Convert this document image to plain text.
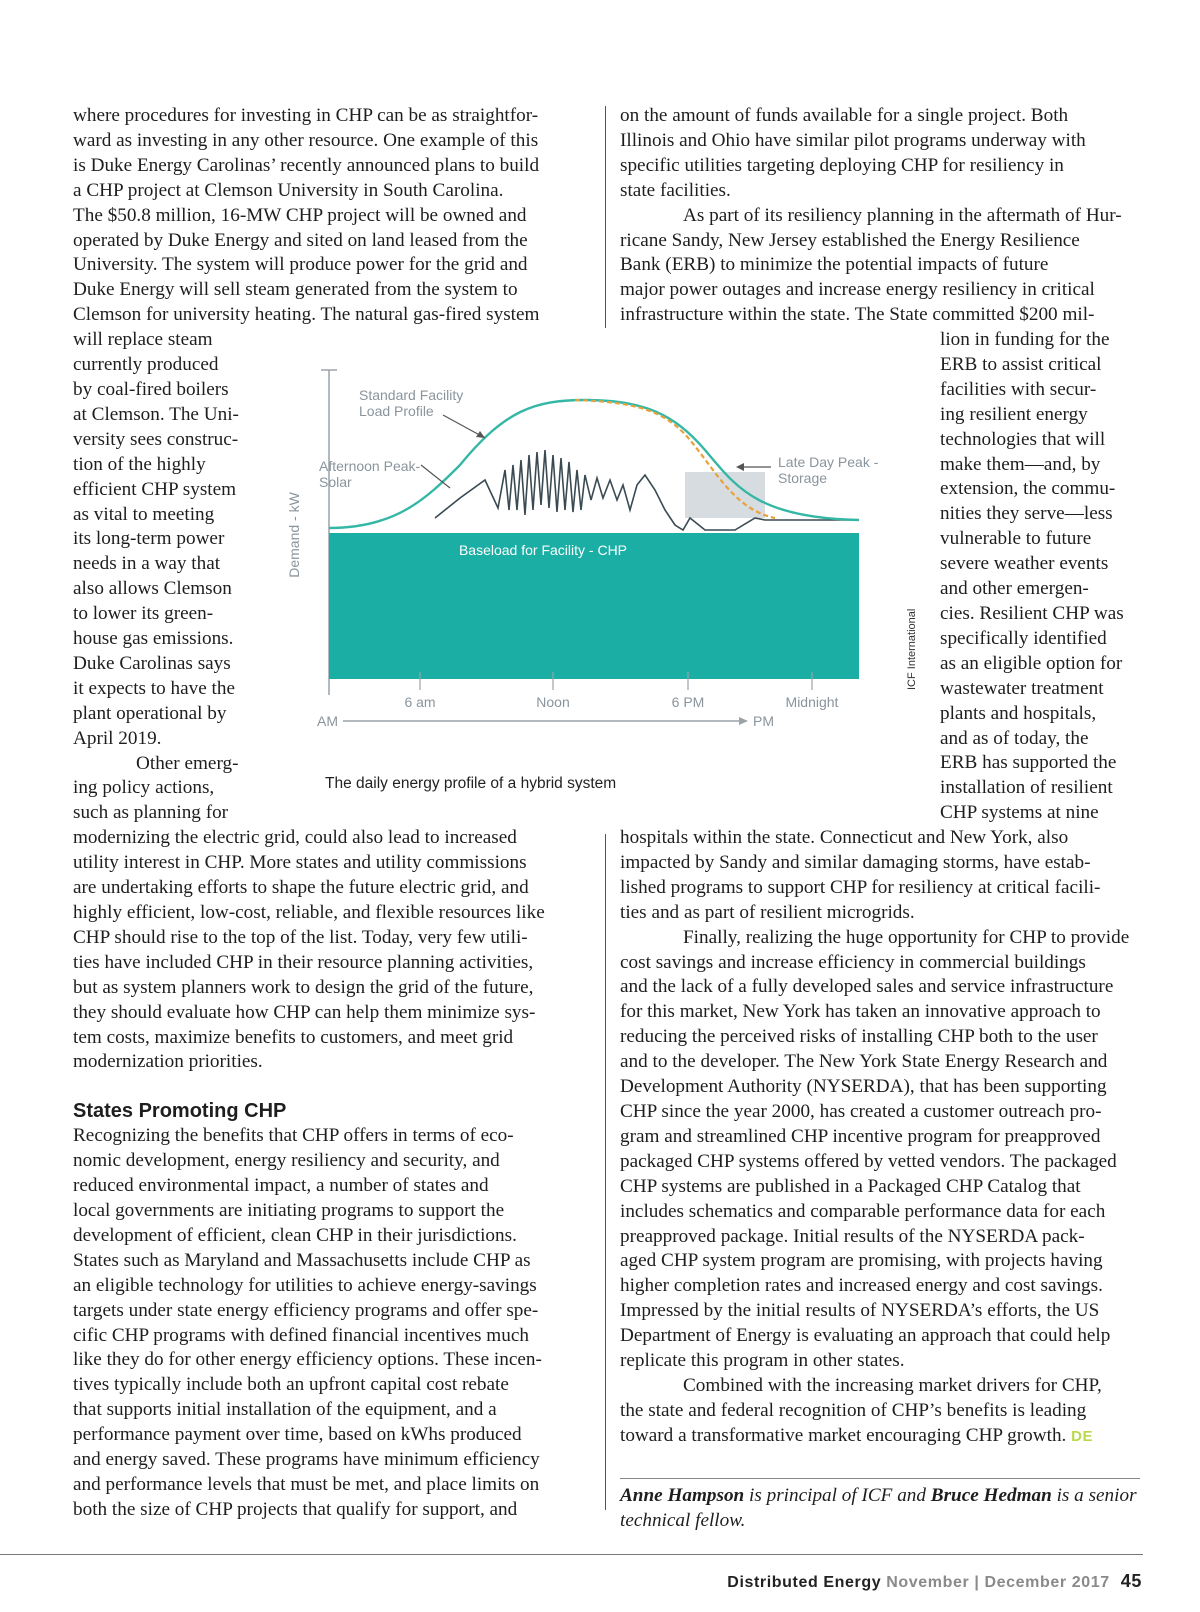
where procedures for investing in CHP can be as straightfor-
ward as investing in any other resource. One example of this
is Duke Energy Carolinas’ recently announced plans to build
a CHP project at Clemson University in South Carolina.
The $50.8 million, 16-MW CHP project will be owned and
operated by Duke Energy and sited on land leased from the
University. The system will produce power for the grid and
Duke Energy will sell steam generated from the system to
Clemson for university heating. The natural gas-fired system
will replace steam
currently produced
by coal-fired boilers
at Clemson. The Uni-
versity sees construc-
tion of the highly
efficient CHP system
as vital to meeting
its long-term power
needs in a way that
also allows Clemson
to lower its green-
house gas emissions.
Duke Carolinas says
it expects to have the
plant operational by
April 2019.
Other emerg-
ing policy actions,
such as planning for
modernizing the electric grid, could also lead to increased
utility interest in CHP. More states and utility commissions
are undertaking efforts to shape the future electric grid, and
highly efficient, low-cost, reliable, and flexible resources like
CHP should rise to the top of the list. Today, very few utili-
ties have included CHP in their resource planning activities,
but as system planners work to design the grid of the future,
they should evaluate how CHP can help them minimize sys-
tem costs, maximize benefits to customers, and meet grid
modernization priorities.
States Promoting CHP
Recognizing the benefits that CHP offers in terms of eco-
nomic development, energy resiliency and security, and
reduced environmental impact, a number of states and
local governments are initiating programs to support the
development of efficient, clean CHP in their jurisdictions.
States such as Maryland and Massachusetts include CHP as
an eligible technology for utilities to achieve energy-savings
targets under state energy efficiency programs and offer spe-
cific CHP programs with defined financial incentives much
like they do for other energy efficiency options. These incen-
tives typically include both an upfront capital cost rebate
that supports initial installation of the equipment, and a
performance payment over time, based on kWhs produced
and energy saved. These programs have minimum efficiency
and performance levels that must be met, and place limits on
both the size of CHP projects that qualify for support, and
on the amount of funds available for a single project. Both
Illinois and Ohio have similar pilot programs underway with
specific utilities targeting deploying CHP for resiliency in
state facilities.
As part of its resiliency planning in the aftermath of Hur-
ricane Sandy, New Jersey established the Energy Resilience
Bank (ERB) to minimize the potential impacts of future
major power outages and increase energy resiliency in critical
infrastructure within the state. The State committed $200 mil-
lion in funding for the
ERB to assist critical
facilities with secur-
ing resilient energy
technologies that will
make them—and, by
extension, the commu-
nities they serve—less
vulnerable to future
severe weather events
and other emergen-
cies. Resilient CHP was
specifically identified
as an eligible option for
wastewater treatment
plants and hospitals,
and as of today, the
ERB has supported the
installation of resilient
CHP systems at nine
hospitals within the state. Connecticut and New York, also
impacted by Sandy and similar damaging storms, have estab-
lished programs to support CHP for resiliency at critical facili-
ties and as part of resilient microgrids.
Finally, realizing the huge opportunity for CHP to provide
cost savings and increase efficiency in commercial buildings
and the lack of a fully developed sales and service infrastructure
for this market, New York has taken an innovative approach to
reducing the perceived risks of installing CHP both to the user
and to the developer. The New York State Energy Research and
Development Authority (NYSERDA), that has been supporting
CHP since the year 2000, has created a customer outreach pro-
gram and streamlined CHP incentive program for preapproved
packaged CHP systems offered by vetted vendors. The packaged
CHP systems are published in a Packaged CHP Catalog that
includes schematics and comparable performance data for each
preapproved package. Initial results of the NYSERDA pack-
aged CHP system program are promising, with projects having
higher completion rates and increased energy and cost savings.
Impressed by the initial results of NYSERDA’s efforts, the US
Department of Energy is evaluating an approach that could help
replicate this program in other states.
Combined with the increasing market drivers for CHP,
the state and federal recognition of CHP’s benefits is leading
toward a transformative market encouraging CHP growth. DE
Anne Hampson is principal of ICF and Bruce Hedman is a senior
technical fellow.
Standard Facility
Load Profile
Afternoon Peak-
Solar
Late Day Peak -
Storage
Baseload for Facility - CHP
Demand - kW
6 am	Noon	6 PM	Midnight
AM	PM
The daily energy profile of a hybrid system
ICF International
Distributed Energy November | December 2017 45
